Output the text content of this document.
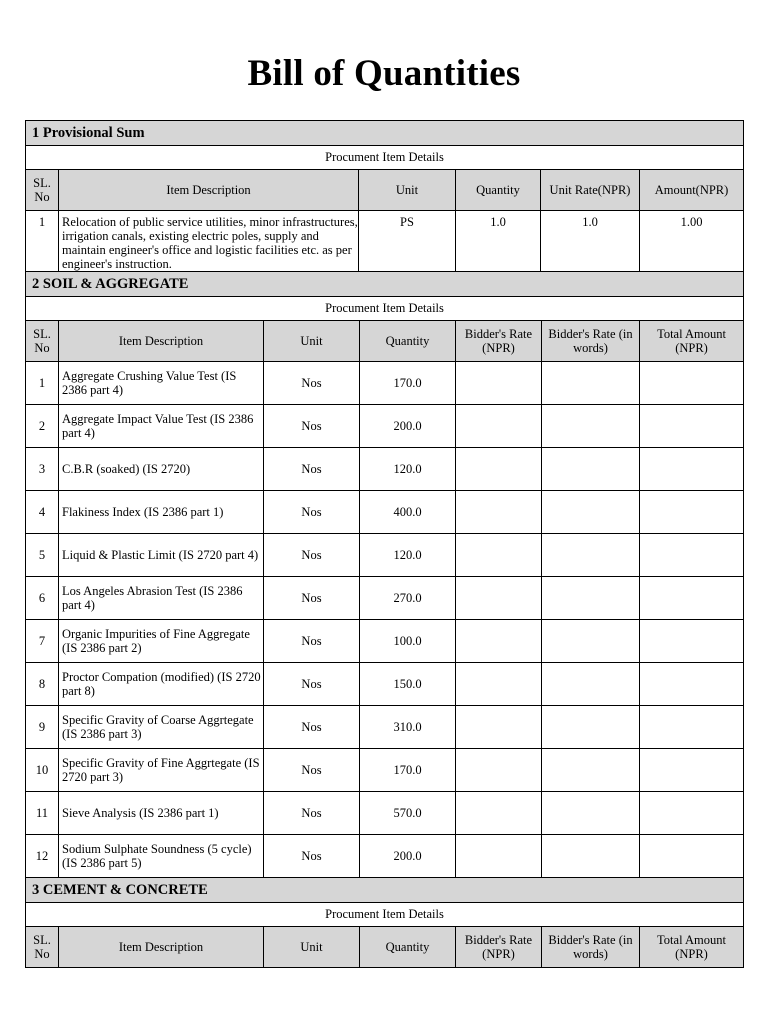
Bill of Quantities
1 Provisional Sum					
Procument Item Details					
SL. No	Item Description	Unit	Quantity	Unit Rate(NPR)	Amount(NPR)
1	Relocation of public service utilities, minor infrastructures, irrigation canals, existing electric poles, supply and maintain engineer's office and logistic facilities etc. as per engineer's instruction.	PS	1.0	1.0	1.00
2 SOIL & AGGREGATE						
Procument Item Details						
SL. No	Item Description	Unit	Quantity	Bidder's Rate (NPR)	Bidder's Rate (in words)	Total Amount (NPR)
1	Aggregate Crushing Value Test (IS 2386 part 4)	Nos	170.0			
2	Aggregate Impact Value Test (IS 2386 part 4)	Nos	200.0			
3	C.B.R (soaked) (IS 2720)	Nos	120.0			
4	Flakiness Index (IS 2386 part 1)	Nos	400.0			
5	Liquid & Plastic Limit (IS 2720 part 4)	Nos	120.0			
6	Los Angeles Abrasion Test (IS 2386 part 4)	Nos	270.0			
7	Organic Impurities of Fine Aggregate (IS 2386 part 2)	Nos	100.0			
8	Proctor Compation (modified) (IS 2720 part 8)	Nos	150.0			
9	Specific Gravity of Coarse Aggrtegate (IS 2386 part 3)	Nos	310.0			
10	Specific Gravity of Fine Aggrtegate (IS 2720 part 3)	Nos	170.0			
11	Sieve Analysis (IS 2386 part 1)	Nos	570.0			
12	Sodium Sulphate Soundness (5 cycle) (IS 2386 part 5)	Nos	200.0			
3 CEMENT & CONCRETE
Procument Item Details
SL. No	Item Description	Unit	Quantity	Bidder's Rate (NPR)	Bidder's Rate (in words)	Total Amount (NPR)
